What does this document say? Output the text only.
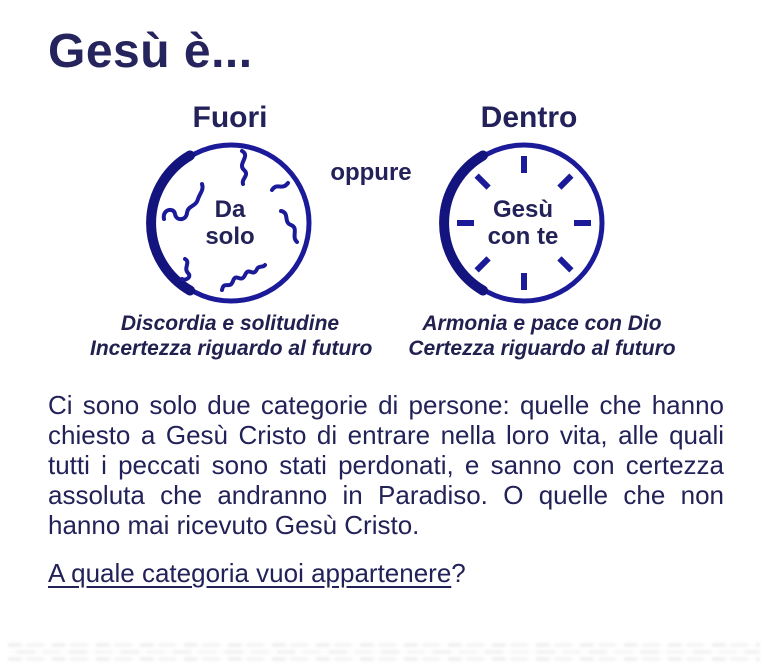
Gesù è...
Fuori
Da
solo
Discordia e solitudine
Incertezza riguardo al futuro
oppure
Dentro
Gesù
con te
Armonia e pace con Dio
Certezza riguardo al futuro

Ci sono solo due categorie di persone: quelle che hanno chiesto a Gesù Cristo di entrare nella loro vita, alle quali tutti i peccati sono stati perdonati, e sanno con certezza assoluta che andranno in Paradiso. O quelle che non hanno mai ricevuto Gesù Cristo.

A quale categoria vuoi appartenere?
